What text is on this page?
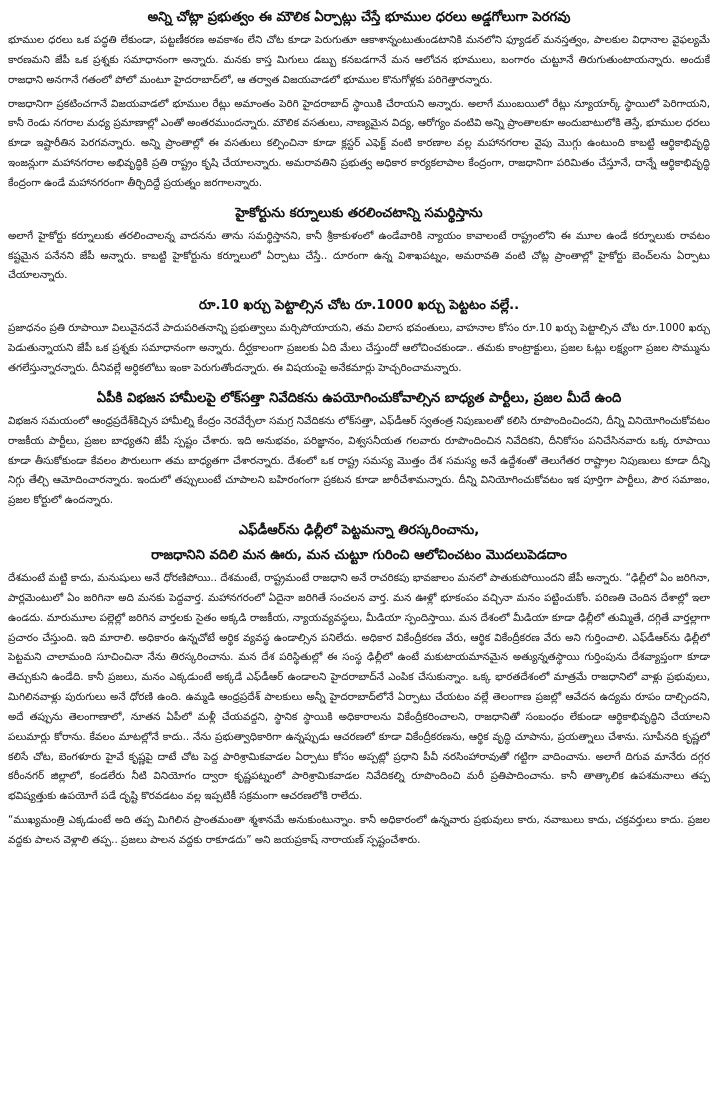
అన్ని చోట్లా ప్రభుత్వం ఈ మౌలిక ఏర్పాట్లు చేస్తే భూముల ధరలు అడ్డగోలుగా పెరగవు

భూముల ధరలు ఒక పద్ధతి లేకుండా, పట్టణీకరణ అవకాశం లేని చోట కూడా పెరుగుతూ ఆకాశాన్నంటుతుండటానికి మనలోని ఫ్యూడల్ మనస్తత్వం, పాలకుల విధానాల వైఫల్యమే కారణమని జేపీ ఒక ప్రశ్నకు సమాధానంగా అన్నారు. మనకు కాస్త మిగులు డబ్బు కనబడగానే మన ఆలోచన భూములు, బంగారం చుట్టూనే తిరుగుతుంటాయన్నారు. అందుకే రాజధాని అనగానే గతంలో పోలో మంటూ హైదరాబాద్‌లో, ఆ తర్వాత విజయవాడలో భూముల కొనుగోళ్లకు పరిగెత్తారన్నారు.

రాజధానిగా ప్రకటించగానే విజయవాడలో భూముల రేట్లు అమాంతం పెరిగి హైదరాబాద్ స్థాయికి చేరాయని అన్నారు. అలాగే ముంబయిలో రేట్లు న్యూయార్క్ స్థాయిలో పెరిగాయని, కానీ రెండు నగరాల మధ్య ప్రమాణాల్లో ఎంతో అంతరముందన్నారు. మౌలిక వసతులు, నాణ్యమైన విద్య, ఆరోగ్యం వంటివి అన్ని ప్రాంతాలకూ అందుబాటులోకి తెస్తే, భూముల ధరలు కూడా ఇష్టారీతిన పెరగవన్నారు. అన్ని ప్రాంతాల్లో ఈ వసతులు కల్పించినా కూడా క్లస్టర్ ఎఫెక్ట్ వంటి కారణాల వల్ల మహానగరాల వైపు మొగ్గు ఉంటుంది కాబట్టి ఆర్థికాభివృద్ధి ఇంజన్లుగా మహానగరాల అభివృద్ధికి ప్రతి రాష్ట్రం కృషి చేయాలన్నారు. అమరావతిని ప్రభుత్వ అధికార కార్యకలాపాల కేంద్రంగా, రాజధానిగా పరిమితం చేస్తూనే, దాన్నే ఆర్థికాభివృద్ధి కేంద్రంగా ఉండే మహానగరంగా తీర్చిదిద్దే ప్రయత్నం జరగాలన్నారు.

హైకోర్టును కర్నూలుకు తరలించటాన్ని సమర్థిస్తాను

అలాగే హైకోర్టు కర్నూలుకు తరలించాలన్న వాదనను తాను సమర్థిస్తానని, కానీ శ్రీకాకుళంలో ఉండేవారికి న్యాయం కావాలంటే రాష్ట్రంలోని ఈ మూల ఉండే కర్నూలుకు రావటం కష్టమైన పనేనని జేపీ అన్నారు. కాబట్టి హైకోర్టును కర్నూలులో ఏర్పాటు చేస్తే.. దూరంగా ఉన్న విశాఖపట్నం, అమరావతి వంటి చోట్ల ప్రాంతాల్లో హైకోర్టు బెంచ్‌లను ఏర్పాటు చేయాలన్నారు.

రూ.10 ఖర్చు పెట్టాల్సిన చోట రూ.1000 ఖర్చు పెట్టటం వల్లే..

ప్రజాధనం ప్రతి రూపాయీ విలువైనదనే పాదుపరితనాన్ని ప్రభుత్వాలు మర్చిపోయాయని, తమ విలాస భవంతులు, వాహనాల కోసం రూ.10 ఖర్చు పెట్టాల్సిన చోట రూ.1000 ఖర్చు పెడుతున్నాయని జేపీ ఒక ప్రశ్నకు సమాధానంగా అన్నారు. దీర్ఘకాలంగా ప్రజలకు ఏది మేలు చేస్తుందో ఆలోచించకుండా.. తమకు కాంట్రాక్టులు, ప్రజల ఓట్లు లక్ష్యంగా ప్రజల సొమ్మును తగలేస్తున్నారన్నారు. దీనివల్లే అర్ధికలోటు ఇంకా పెరుగుతోందన్నారు. ఈ విషయంపై అనేకమార్లు హెచ్చరించామన్నారు.

ఏపీకి విభజన హామీలపై లోక్‌సత్తా నివేదికను ఉపయోగించుకోవాల్సిన బాధ్యత పార్టీలు, ప్రజల మీదే ఉంది

విభజన సమయంలో ఆంధ్రప్రదేశ్‌కిచ్చిన హామీల్ని కేంద్రం నెరవేర్చేలా సమగ్ర నివేదికను లోక్‌సత్తా, ఎఫ్‌డీఆర్ స్వతంత్ర నిపుణులతో కలిసి రూపొందించిందని, దీన్ని వినియోగించుకోవటం రాజకీయ పార్టీలు, ప్రజల బాధ్యతని జేపీ స్పష్టం చేశారు. ఇది అనుభవం, పరిజ్ఞానం, విశ్వసనీయత గలవారు రూపొందించిన నివేదికని, దీనికోసం పనిచేసినవారు ఒక్క రూపాయి కూడా తీసుకోకుండా కేవలం పౌరులుగా తమ బాధ్యతగా చేశారన్నారు. దేశంలో ఒక రాష్ట్ర సమస్య మొత్తం దేశ సమస్య అనే ఉద్దేశంతో తెలుగేతర రాష్ట్రాల నిపుణులు కూడా దీన్ని నిగ్గు తేల్చి ఆమోదించారన్నారు. ఇందులో తప్పులుంటే చూపాలని బహిరంగంగా ప్రకటన కూడా జారీచేశామన్నారు. దీన్ని వినియోగించుకోవటం ఇక పూర్తిగా పార్టీలు, పౌర సమాజం, ప్రజల కోర్టులో ఉందన్నారు.

ఎఫ్‌డీఆర్‌ను ఢిల్లీలో పెట్టమన్నా తిరస్కరించాను,
రాజధానిని వదిలి మన ఊరు, మన చుట్టూ గురించి ఆలోచించటం మొదలుపెడదాం

దేశమంటే మట్టి కాదు, మనుషులు అనే ధోరణిపోయి.. దేశమంటే, రాష్ట్రమంటే రాజధాని అనే రాచరికపు భావజాలం మనలో పాతుకుపోయిందని జేపీ అన్నారు. “ఢిల్లీలో ఏం జరిగినా, పార్లమెంటులో ఏం జరిగినా అది మనకు పెద్దవార్త. మహానగరంలో ఏదైనా జరిగితే సంచలన వార్త. మన ఊళ్లో భూకంపం వచ్చినా మనం పట్టించుకోం. పరిణతి చెందిన దేశాల్లో ఇలా ఉండదు. మారుమూల పల్లెల్లో జరిగిన వార్తలకు సైతం అక్కడి రాజకీయ, న్యాయవ్యవస్థలు, మీడియా స్పందిస్తాయి. మన దేశంలో మీడియా కూడా ఢిల్లీలో తుమ్మితే, దగ్గితే వార్తల్లాగా ప్రచారం చేస్తుంది. ఇది మారాలి. అధికారం ఉన్నచోటే అర్థిక వ్యవస్థ ఉండాల్సిన పనిలేదు. అధికార వికేంద్రీకరణ వేరు, ఆర్థిక వికేంద్రీకరణ వేరు అని గుర్తించాలి. ఎఫ్‌డీఆర్‌ను ఢిల్లీలో పెట్టమని చాలామంది సూచించినా నేను తిరస్కరించాను. మన దేశ పరిస్థితుల్లో ఈ సంస్థ ఢిల్లీలో ఉంటే మకుటాయమానమైన అత్యున్నతస్థాయి గుర్తింపును దేశవ్యాప్తంగా కూడా తెచ్చుకుని ఉండేది. కానీ ప్రజలు, మనం ఎక్కడుంటే అక్కడే ఎఫ్‌డీఆర్ ఉండాలని హైదరాబాద్‌నే ఎంపిక చేసుకున్నాం. ఒక్క భారతదేశంలో మాత్రమే రాజధానిలో వాళ్లు ప్రభువులు, మిగిలినవాళ్లు పురుగులు అనే ధోరణి ఉంది. ఉమ్మడి ఆంధ్రప్రదేశ్ పాలకులు అన్నీ హైదరాబాద్‌లోనే ఏర్పాటు చేయటం వల్లే తెలంగాణ ప్రజల్లో ఆవేదన ఉద్యమ రూపం దాల్చిందని, అదే తప్పును తెలంగాణాలో, నూతన ఏపీలో మళ్లీ చేయవద్దని, స్థానిక స్థాయికి అధికారాలను వికేంద్రీకరించాలని, రాజధానితో సంబంధం లేకుండా ఆర్థికాభివృద్ధిని చేయాలని పలుమార్లు కోరాను. కేవలం మాటల్లోనే కాదు.. నేను ప్రభుత్వాధికారిగా ఉన్నప్పుడు ఆచరణలో కూడా వికేంద్రీకరణను, ఆర్థిక వృద్ధి చూపాను, ప్రయత్నాలు చేశాను. సూపీనది కృష్ణలో కలిసే చోట, బెంగళూరు హైవే కృష్ణపై దాటే చోట పెద్ద పారిశ్రామికవాడల ఏర్పాటు కోసం అప్పట్లో ప్రధాని పీవీ నరసింహారావుతో గట్టిగా వాదించాను. అలాగే దిగువ మానేరు దగ్గర కరీంనగర్ జిల్లాలో, కండలేరు నీటి వినియోగం ద్వారా కృష్ణపట్నంలో పారిశ్రామికవాడల నివేదికల్ని రూపొందించి మరీ ప్రతిపాదించాను. కానీ తాత్కాలిక ఉపశమనాలు తప్ప భవిష్యత్తుకు ఉపయోగే పడే దృష్టి కొరవడటం వల్ల ఇప్పటికీ సక్రమంగా ఆచరణలోకి రాలేదు.

“ముఖ్యమంత్రి ఎక్కడుంటే అది తప్ప మిగిలిన ప్రాంతమంతా శ్మశానమే అనుకుంటున్నాం. కానీ అధికారంలో ఉన్నవారు ప్రభువులు కారు, నవాబులు కాదు, చక్రవర్తులు కాదు. ప్రజల వద్దకు పాలన వెళ్లాలి తప్ప.. ప్రజలు పాలన వద్దకు రాకూడదు” అని జయప్రకాష్ నారాయణ్ స్పష్టంచేశారు.
